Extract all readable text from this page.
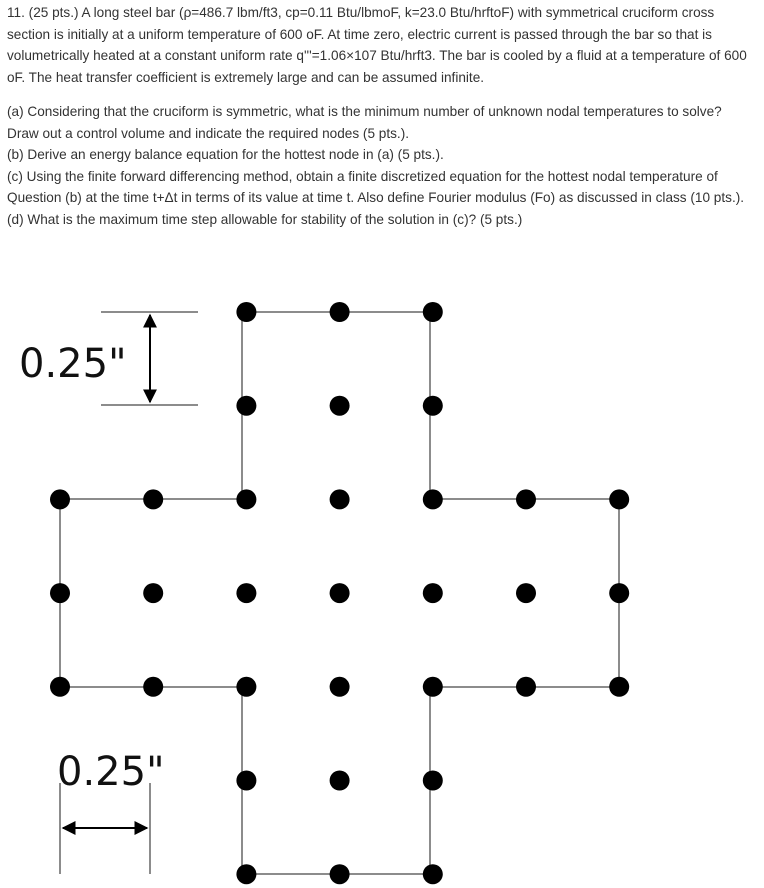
11. (25 pts.) A long steel bar (ρ=486.7 lbm/ft3, cp=0.11 Btu/lbmoF, k=23.0 Btu/hrftoF) with symmetrical cruciform cross section is initially at a uniform temperature of 600 oF. At time zero, electric current is passed through the bar so that is volumetrically heated at a constant uniform rate q'''=1.06×107 Btu/hrft3. The bar is cooled by a fluid at a temperature of 600 oF. The heat transfer coefficient is extremely large and can be assumed infinite.

(a) Considering that the cruciform is symmetric, what is the minimum number of unknown nodal temperatures to solve? Draw out a control volume and indicate the required nodes (5 pts.).

(b) Derive an energy balance equation for the hottest node in (a) (5 pts.).

(c) Using the finite forward differencing method, obtain a finite discretized equation for the hottest nodal temperature of Question (b) at the time t+Δt in terms of its value at time t. Also define Fourier modulus (Fo) as discussed in class (10 pts.).

(d) What is the maximum time step allowable for stability of the solution in (c)? (5 pts.)

0.25"
0.25"
